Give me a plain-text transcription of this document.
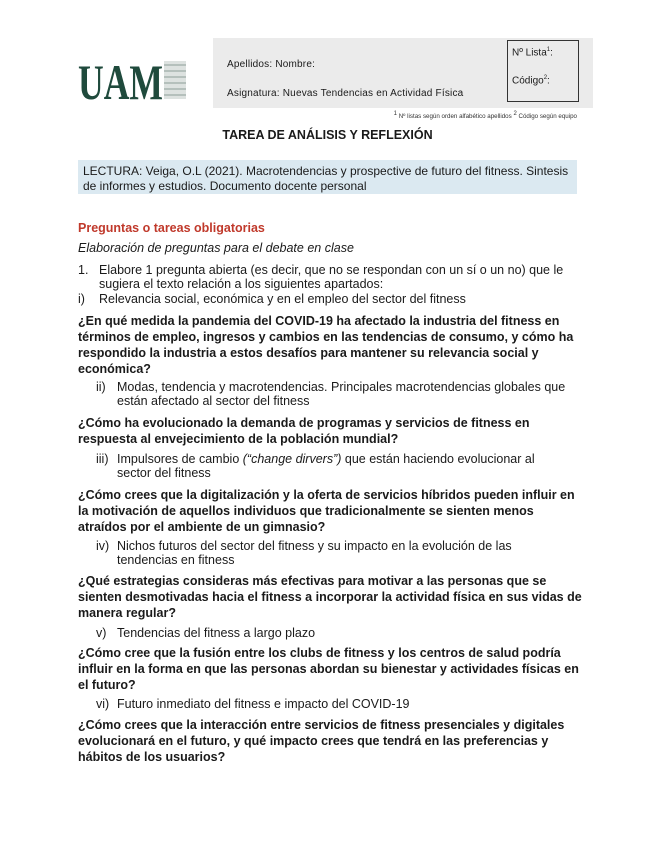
UAM	Apellidos: Nombre:
Asignatura: Nuevas Tendencias en Actividad Física
Nº Lista$^1$:
Código$^2$:
$^1$ Nº listas según orden alfabético apellidos $^2$ Código según equipo
TAREA DE ANÁLISIS Y REFLEXIÓN
LECTURA: Veiga, O.L (2021). Macrotendencias y prospective de futuro del fitness. Sintesis de informes y estudios. Documento docente personal
Preguntas o tareas obligatorias
Elaboración de preguntas para el debate en clase
1. Elabore 1 pregunta abierta (es decir, que no se respondan con un sí o un no) que le sugiera el texto relación a los siguientes apartados:
i) Relevancia social, económica y en el empleo del sector del fitness
¿En qué medida la pandemia del COVID-19 ha afectado la industria del fitness en términos de empleo, ingresos y cambios en las tendencias de consumo, y cómo ha respondido la industria a estos desafíos para mantener su relevancia social y económica?
ii) Modas, tendencia y macrotendencias. Principales macrotendencias globales que están afectado al sector del fitness
¿Cómo ha evolucionado la demanda de programas y servicios de fitness en respuesta al envejecimiento de la población mundial?
iii) Impulsores de cambio (“change dirvers”) que están haciendo evolucionar al sector del fitness
¿Cómo crees que la digitalización y la oferta de servicios híbridos pueden influir en la motivación de aquellos individuos que tradicionalmente se sienten menos atraídos por el ambiente de un gimnasio?
iv) Nichos futuros del sector del fitness y su impacto en la evolución de las tendencias en fitness
¿Qué estrategias consideras más efectivas para motivar a las personas que se sienten desmotivadas hacia el fitness a incorporar la actividad física en sus vidas de manera regular?
v) Tendencias del fitness a largo plazo
¿Cómo cree que la fusión entre los clubs de fitness y los centros de salud podría influir en la forma en que las personas abordan su bienestar y actividades físicas en el futuro?
vi) Futuro inmediato del fitness e impacto del COVID-19
¿Cómo crees que la interacción entre servicios de fitness presenciales y digitales evolucionará en el futuro, y qué impacto crees que tendrá en las preferencias y hábitos de los usuarios?
